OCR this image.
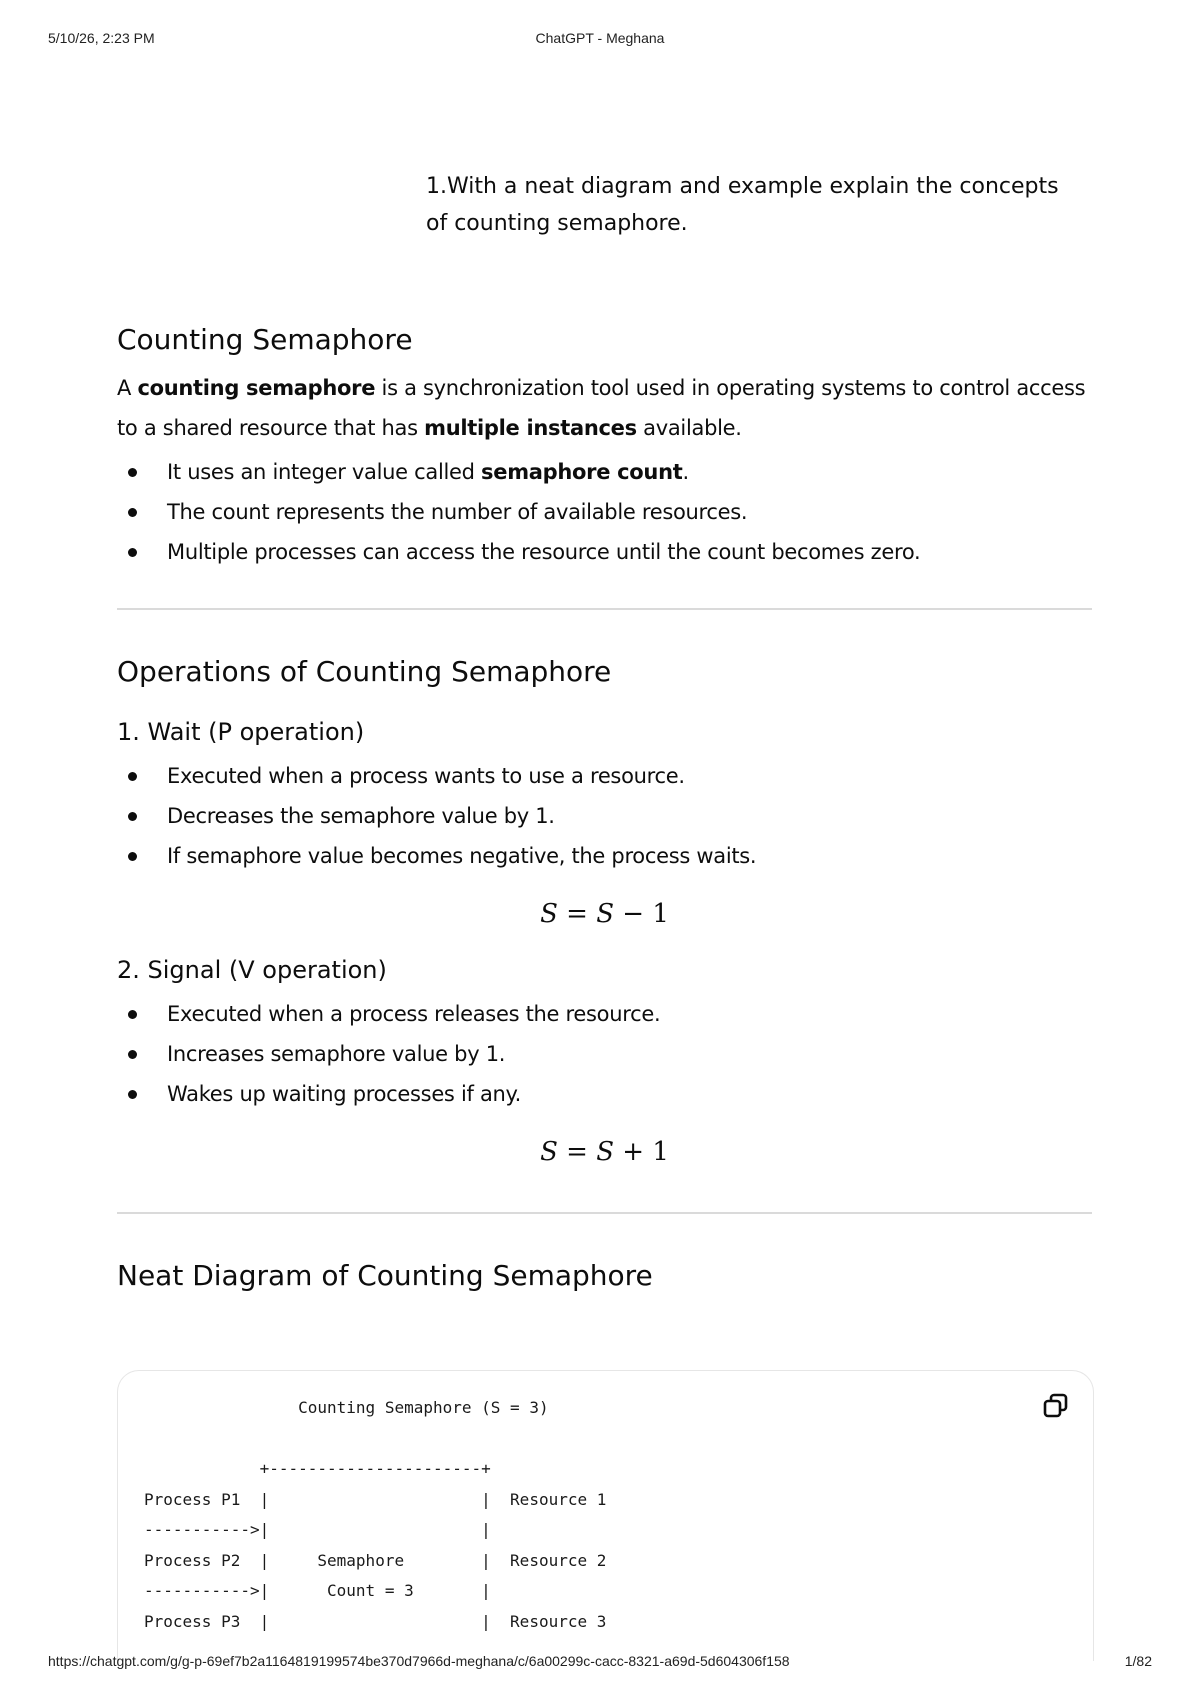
5/10/26, 2:23 PM	ChatGPT - Meghana
1.With a neat diagram and example explain the concepts
of counting semaphore.
Counting Semaphore

A counting semaphore is a synchronization tool used in operating systems to control access to a shared resource that has multiple instances available.

It uses an integer value called semaphore count.
The count represents the number of available resources.
Multiple processes can access the resource until the count becomes zero.
Operations of Counting Semaphore
1. Wait (P operation)
Executed when a process wants to use a resource.
Decreases the semaphore value by 1.
If semaphore value becomes negative, the process waits.
S = S − 1
2. Signal (V operation)
Executed when a process releases the resource.
Increases semaphore value by 1.
Wakes up waiting processes if any.
S = S + 1
Neat Diagram of Counting Semaphore
Counting Semaphore (S = 3)

+----------------------+
Process P1  |                      |  Resource 1
----------->|                      |
Process P2  |     Semaphore        |  Resource 2
----------->|      Count = 3       |
Process P3  |                      |  Resource 3
https://chatgpt.com/g/g-p-69ef7b2a1164819199574be370d7966d-meghana/c/6a00299c-cacc-8321-a69d-5d604306f158	1/82
